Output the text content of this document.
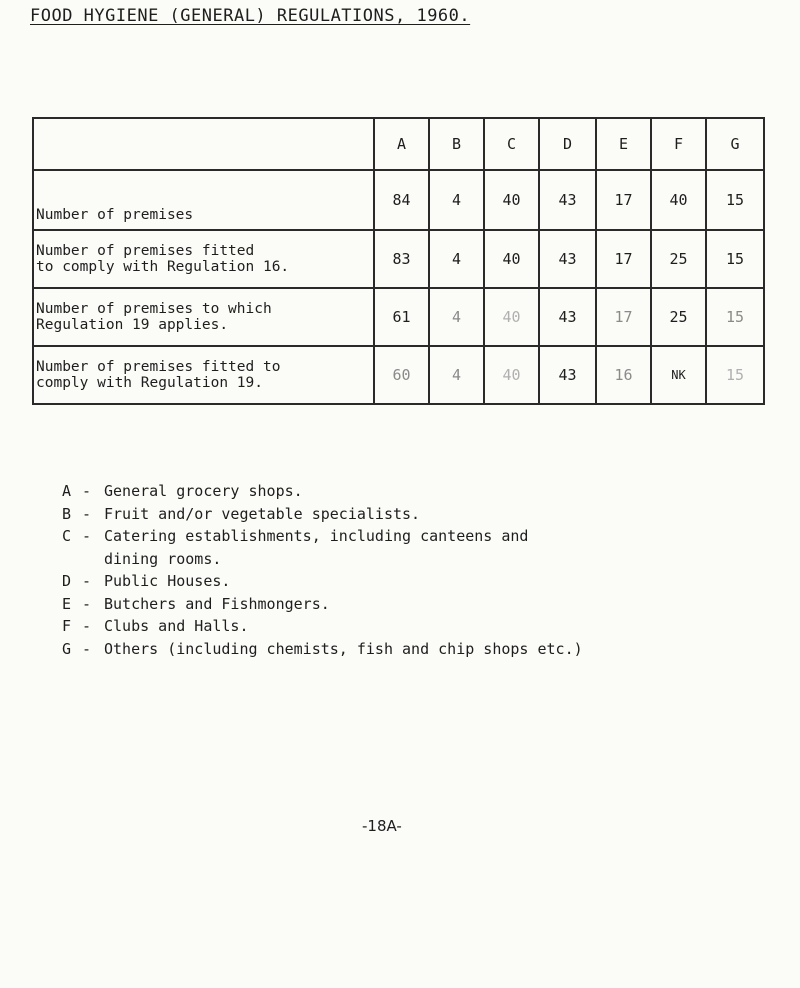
FOOD HYGIENE (GENERAL) REGULATIONS, 1960.
	A	B	C	D	E	F	G
Number of premises	84	4	40	43	17	40	15
Number of premises fitted
to comply with Regulation 16.	83	4	40	43	17	25	15
Number of premises to which
Regulation 19 applies.	61	4	40	43	17	25	15
Number of premises fitted to
comply with Regulation 19.	60	4	40	43	16	NK	15
A - General grocery shops.
B - Fruit and/or vegetable specialists.
C - Catering establishments, including canteens and
dining rooms.
D - Public Houses.
E - Butchers and Fishmongers.
F - Clubs and Halls.
G - Others (including chemists, fish and chip shops etc.)
-18A-
